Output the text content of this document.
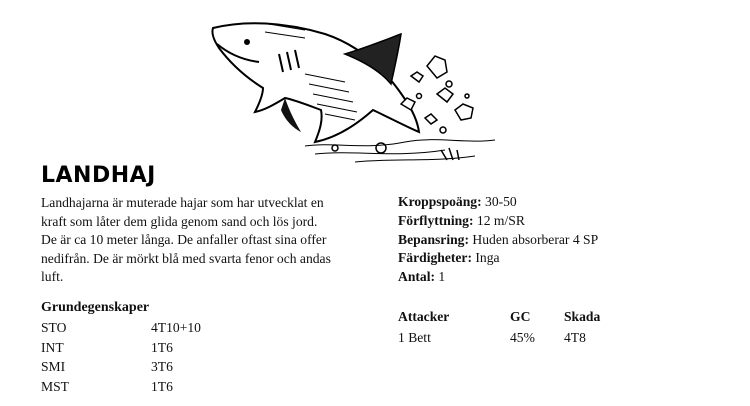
LANDHAJ
Landhajarna är muterade hajar som har utvecklat en
kraft som låter dem glida genom sand och lös jord.
De är ca 10 meter långa. De anfaller oftast sina offer
nedifrån. De är mörkt blå med svarta fenor och andas
luft.
Grundegenskaper
STO	4T10+10
INT	1T6
SMI	3T6
MST	1T6
Kroppspoäng: 30-50
Förflyttning: 12 m/SR
Bepansring: Huden absorberar 4 SP
Färdigheter: Inga
Antal: 1
Attacker	GC Skada
1 Bett	45% 4T8
